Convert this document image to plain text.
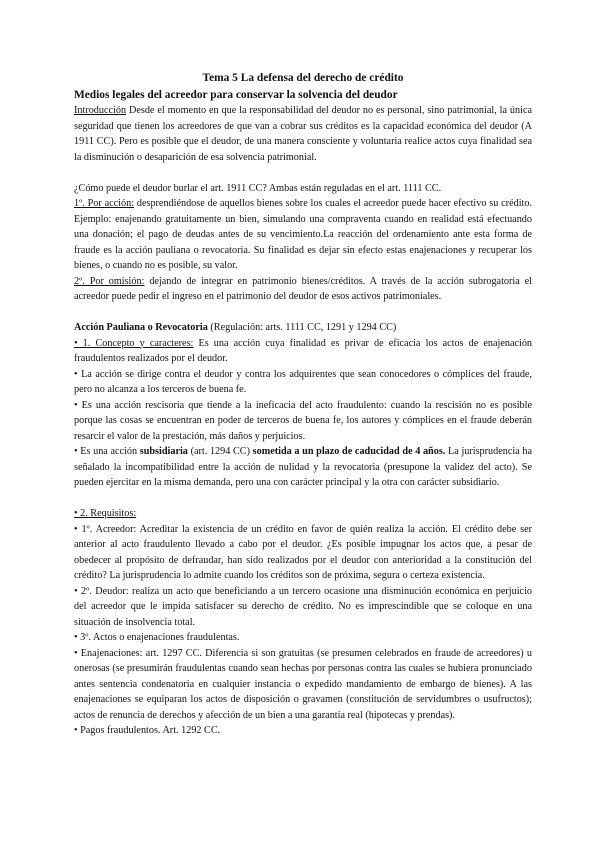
Tema 5 La defensa del derecho de crédito

Medios legales del acreedor para conservar la solvencia del deudor

Introducción Desde el momento en que la responsabilidad del deudor no es personal, sino patrimonial, la única seguridad que tienen los acreedores de que van a cobrar sus créditos es la capacidad económica del deudor (A 1911 CC). Pero es posible que el deudor, de una manera consciente y voluntaria realice actos cuya finalidad sea la disminución o desaparición de esa solvencia patrimonial.

¿Cómo puede el deudor burlar el art. 1911 CC? Ambas están reguladas en el art. 1111 CC.

1º. Por acción: desprendiéndose de aquellos bienes sobre los cuales el acreedor puede hacer efectivo su crédito. Ejemplo: enajenando gratuitamente un bien, simulando una compraventa cuando en realidad está efectuando una donación; el pago de deudas antes de su vencimiento.La reacción del ordenamiento ante esta forma de fraude es la acción pauliana o revocatoria. Su finalidad es dejar sin efecto estas enajenaciones y recuperar los bienes, o cuando no es posible, su valor.

2º. Por omisión: dejando de integrar en patrimonio bienes/créditos. A través de la acción subrogatoria el acreedor puede pedir el ingreso en el patrimonio del deudor de esos activos patrimoniales.

Acción Pauliana o Revocatoria (Regulación: arts. 1111 CC, 1291 y 1294 CC)

• 1. Concepto y caracteres: Es una acción cuya finalidad es privar de eficacia los actos de enajenación fraudulentos realizados por el deudor.

• La acción se dirige contra el deudor y contra los adquirentes que sean conocedores o cómplices del fraude, pero no alcanza a los terceros de buena fe.

• Es una acción rescisoria que tiende a la ineficacia del acto fraudulento: cuando la rescisión no es posible porque las cosas se encuentran en poder de terceros de buena fe, los autores y cómplices en el fraude deberán resarcir el valor de la prestación, más daños y perjuicios.

• Es una acción subsidiaria (art. 1294 CC) sometida a un plazo de caducidad de 4 años. La jurisprudencia ha señalado la incompatibilidad entre la acción de nulidad y la revocatoria (presupone la validez del acto). Se pueden ejercitar en la misma demanda, pero una con carácter principal y la otra con carácter subsidiario.

• 2. Requisitos:

• 1º. Acreedor: Acreditar la existencia de un crédito en favor de quién realiza la acción. El crédito debe ser anterior al acto fraudulento llevado a cabo por el deudor. ¿Es posible impugnar los actos que, a pesar de obedecer al propósito de defraudar, han sido realizados por el deudor con anterioridad a la constitución del crédito? La jurisprudencia lo admite cuando los créditos son de próxima, segura o certeza existencia.

• 2º. Deudor: realiza un acto que beneficiando a un tercero ocasione una disminución económica en perjuicio del acreedor que le impida satisfacer su derecho de crédito. No es imprescindible que se coloque en una situación de insolvencia total.

• 3º. Actos o enajenaciones fraudulentas.

• Enajenaciones: art. 1297 CC. Diferencia si son gratuitas (se presumen celebrados en fraude de acreedores) u onerosas (se presumirán fraudulentas cuando sean hechas por personas contra las cuales se hubiera pronunciado antes sentencia condenatoria en cualquier instancia o expedido mandamiento de embargo de bienes). A las enajenaciones se equiparan los actos de disposición o gravamen (constitución de servidumbres o usufructos); actos de renuncia de derechos y afección de un bien a una garantía real (hipotecas y prendas).

• Pagos fraudulentos. Art. 1292 CC.
